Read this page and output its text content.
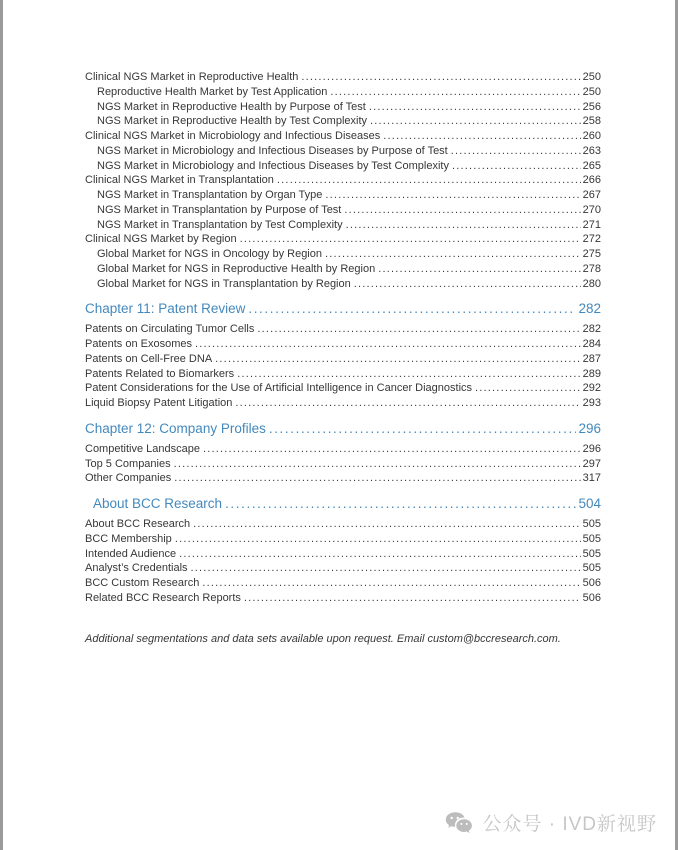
Clinical NGS Market in Reproductive Health .....	250
Reproductive Health Market by Test Application .....	250
NGS Market in Reproductive Health by Purpose of Test .....	256
NGS Market in Reproductive Health by Test Complexity .....	258
Clinical NGS Market in Microbiology and Infectious Diseases .....	260
NGS Market in Microbiology and Infectious Diseases by Purpose of Test .....	263
NGS Market in Microbiology and Infectious Diseases by Test Complexity .....	265
Clinical NGS Market in Transplantation .....	266
NGS Market in Transplantation by Organ Type .....	267
NGS Market in Transplantation by Purpose of Test .....	270
NGS Market in Transplantation by Test Complexity .....	271
Clinical NGS Market by Region .....	272
Global Market for NGS in Oncology by Region .....	275
Global Market for NGS in Reproductive Health by Region .....	278
Global Market for NGS in Transplantation by Region .....	280
Chapter 11: Patent Review .....	282
Patents on Circulating Tumor Cells .....	282
Patents on Exosomes .....	284
Patents on Cell-Free DNA .....	287
Patents Related to Biomarkers .....	289
Patent Considerations for the Use of Artificial Intelligence in Cancer Diagnostics .....	292
Liquid Biopsy Patent Litigation .....	293
Chapter 12: Company Profiles .....	296
Competitive Landscape .....	296
Top 5 Companies .....	297
Other Companies .....	317
About BCC Research .....	504
About BCC Research .....	505
BCC Membership .....	505
Intended Audience .....	505
Analyst’s Credentials .....	505
BCC Custom Research .....	506
Related BCC Research Reports .....	506

Additional segmentations and data sets available upon request. Email custom@bccresearch.com.

公众号 · IVD新视野
